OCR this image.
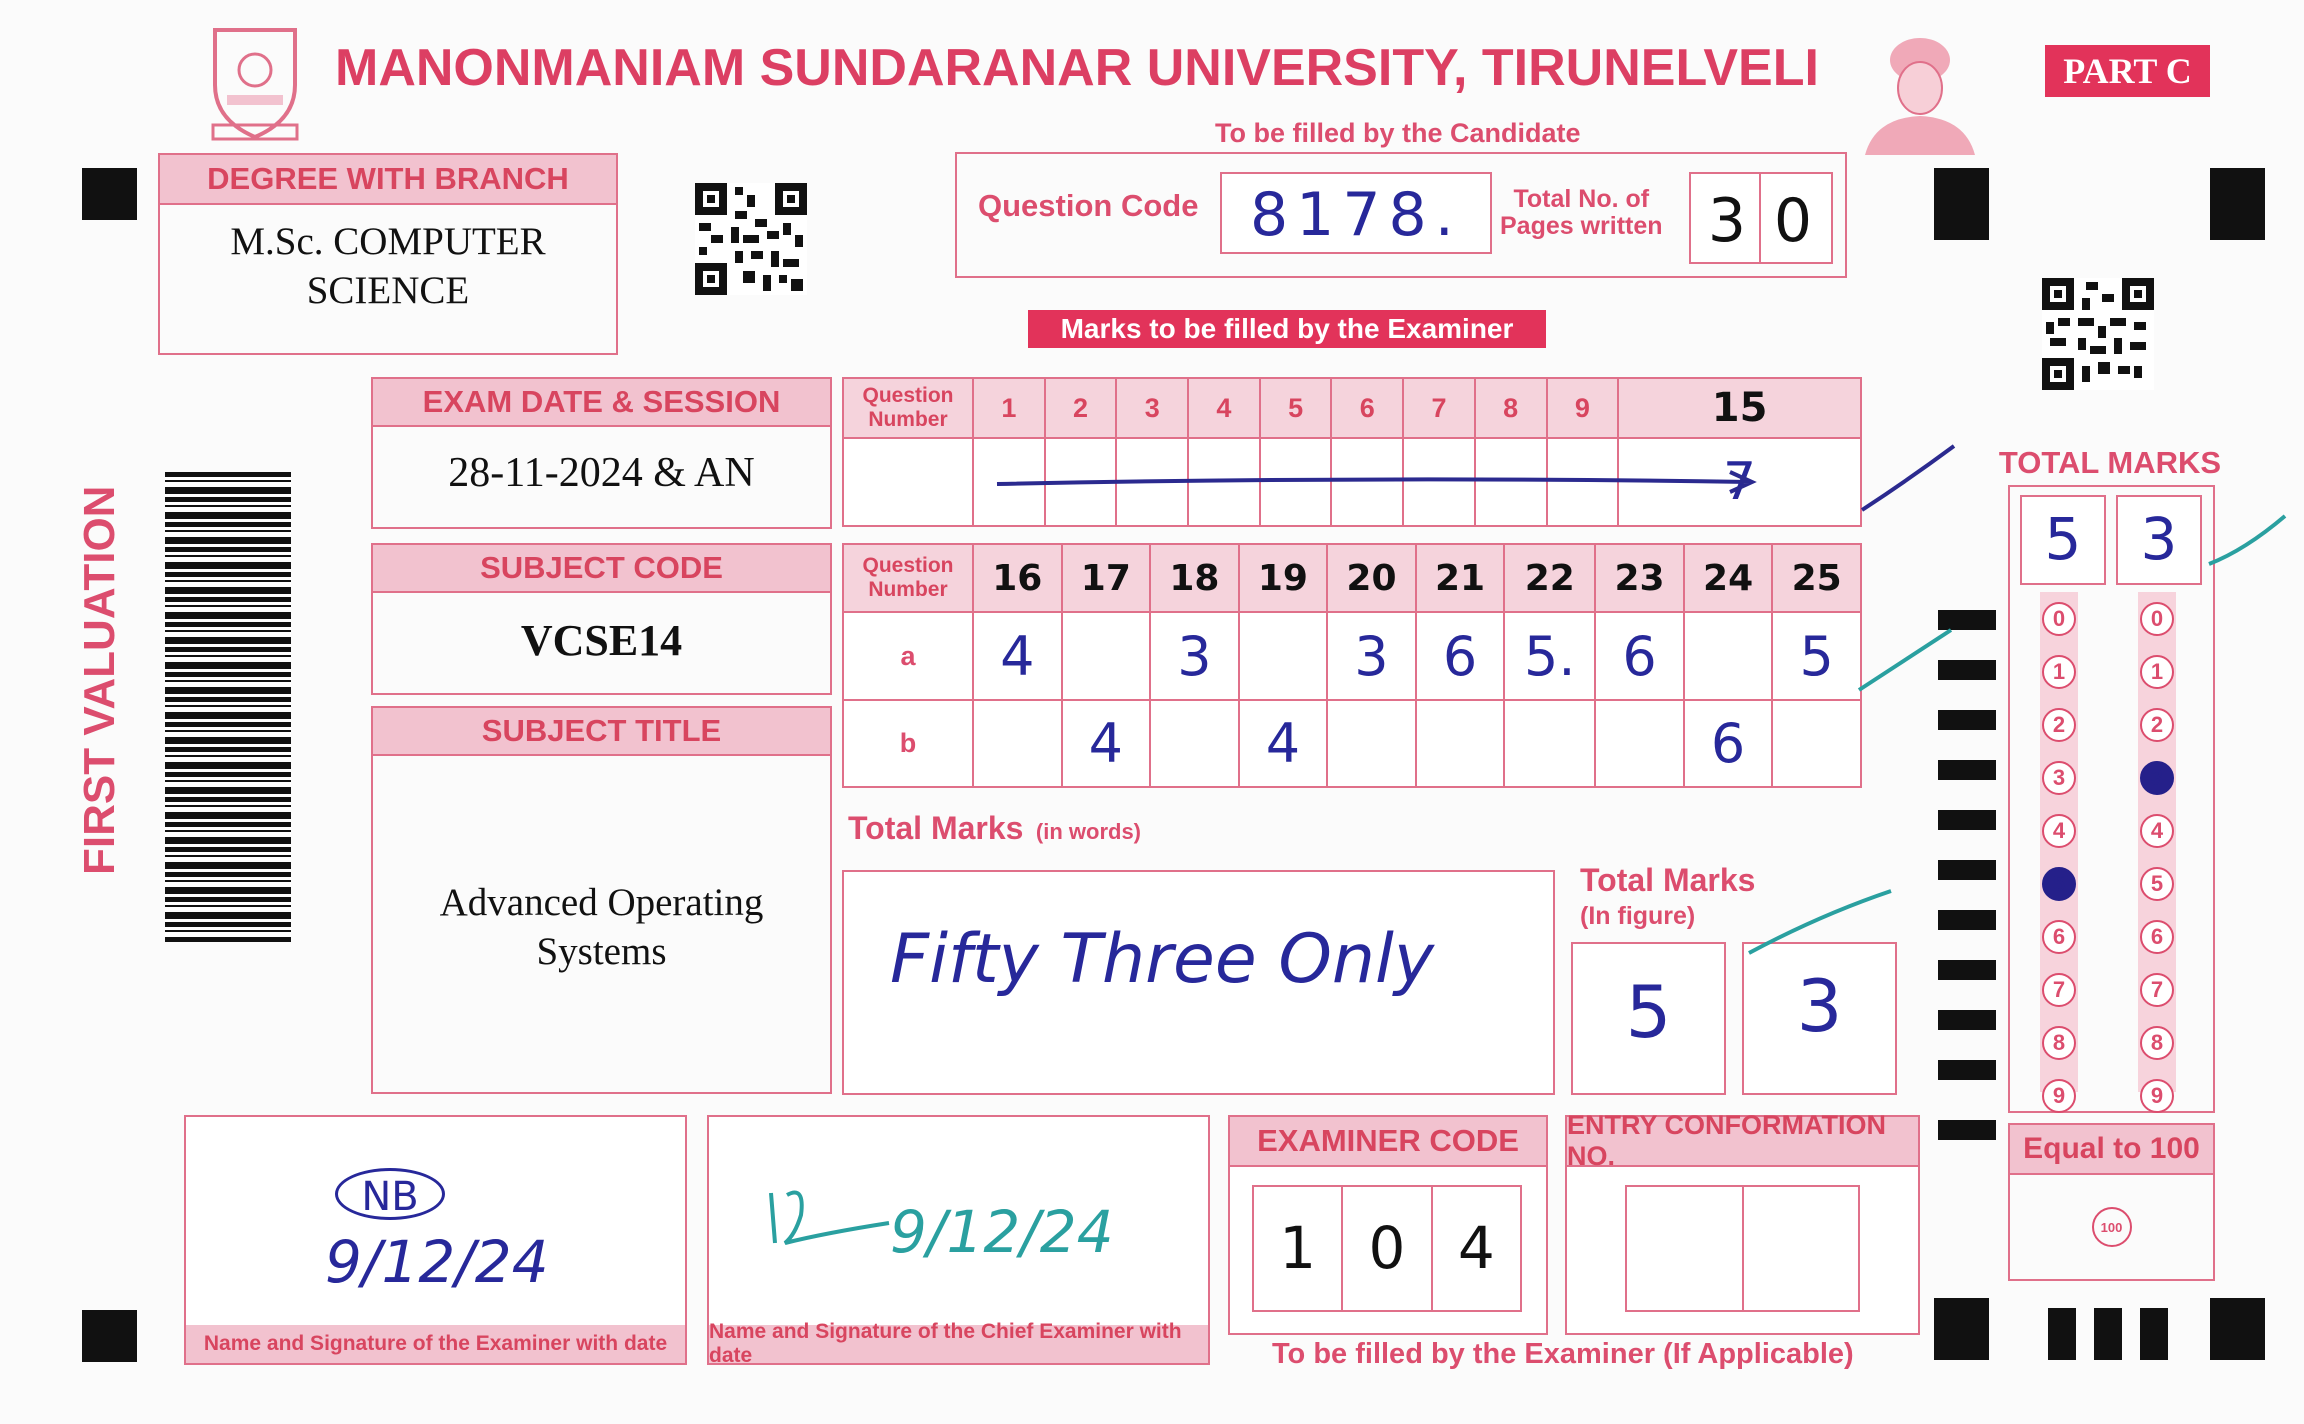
MANONMANIAM SUNDARANAR UNIVERSITY, TIRUNELVELI	PART C
To be filled by the Candidate
DEGREE WITH BRANCH
M.Sc. COMPUTER
SCIENCE
Question Code 8178.	Total No. of
Pages written 3 0
Marks to be filled by the Examiner
FIRST VALUATION
EXAM DATE & SESSION
28-11-2024 & AN
SUBJECT CODE
VCSE14
SUBJECT TITLE
Advanced Operating
Systems
Question Number	1	2	3	4	5	6	7	8	9	15
										7
Question Number	16	17	18	19	20	21	22	23	24	25
a	4		3		3	6	5.	6		5
b		4		4					6	
Total Marks (in words)
Fifty Three Only
Total Marks
(In figure)
5	3
TOTAL MARKS
5	3
0
1
2
3
4
5
6
7
8
9
0
1
2
3
4
5
6
7
8
9
Equal to 100
100
Name and Signature of the Examiner with date
NB
9/12/24
Name and Signature of the Chief Examiner with date
9/12/24
EXAMINER CODE
1 0 4
ENTRY CONFORMATION NO.
To be filled by the Examiner (If Applicable)
